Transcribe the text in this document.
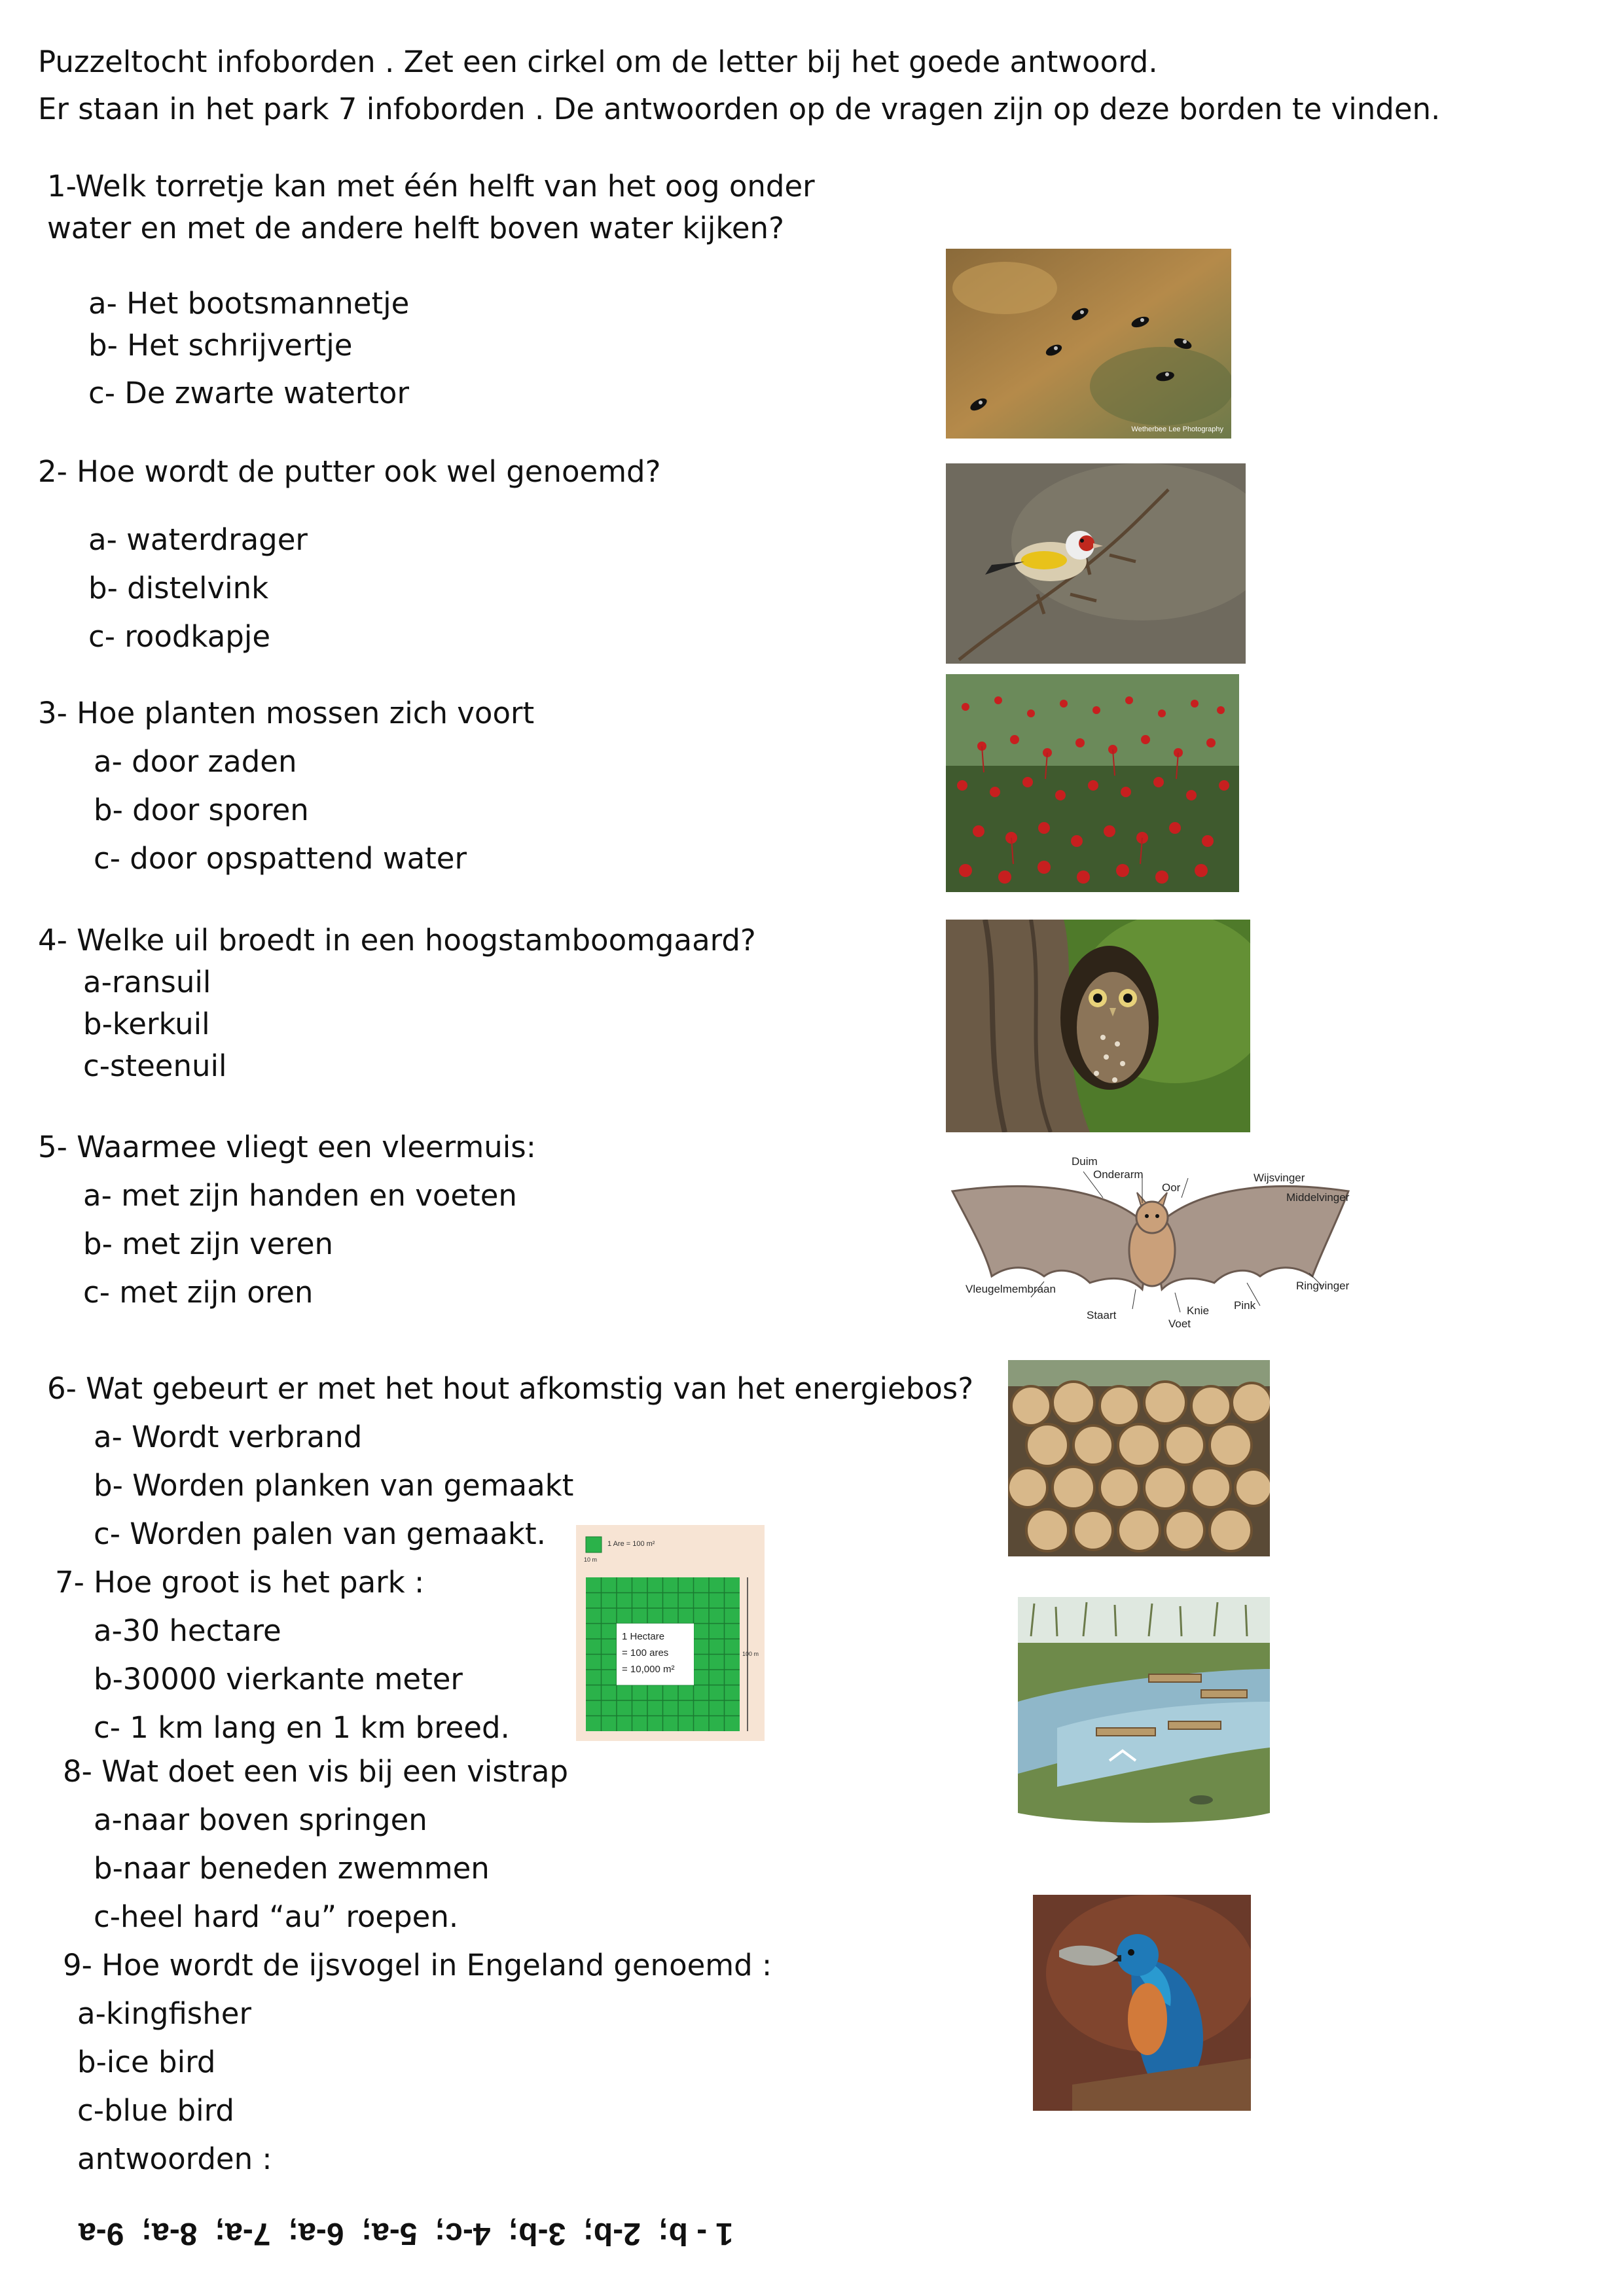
Puzzeltocht infoborden . Zet een cirkel om de letter bij het goede antwoord.
Er staan in het park 7 infoborden . De antwoorden op de vragen zijn op deze borden te vinden.
1-Welk torretje kan met één helft van het oog onder
water en met de andere helft boven water kijken?
a- Het bootsmannetje
b- Het schrijvertje
c- De zwarte watertor
2- Hoe wordt de putter ook wel genoemd?
a- waterdrager
b- distelvink
c- roodkapje
3- Hoe planten mossen zich voort
a- door zaden
b- door sporen
c- door opspattend water
4- Welke uil broedt in een hoogstamboomgaard?
a-ransuil
b-kerkuil
c-steenuil
5- Waarmee vliegt een vleermuis:
a- met zijn handen en voeten
b- met zijn veren
c- met zijn oren
6- Wat gebeurt er met het hout afkomstig van het energiebos?
a- Wordt verbrand
b- Worden planken van gemaakt
c- Worden palen van gemaakt.
7- Hoe groot is het park :
a-30 hectare
b-30000 vierkante meter
c- 1 km lang en 1 km breed.
8- Wat doet een vis bij een vistrap
a-naar boven springen
b-naar beneden zwemmen
c-heel hard “au” roepen.
9- Hoe wordt de ijsvogel in Engeland genoemd :
a-kingfisher
b-ice bird
c-blue bird
antwoorden :
1 - b;  2-b;  3-b;  4-c;  5-a;  6-a;  7-a;  8-a;  9-a
Wetherbee Lee Photography
Duim
Onderarm
Oor
Wijsvinger
Middelvinger
Ringvinger
Vleugelmembraan
Staart	Knie
Voet
Pink
1 Are = 100 m²
10 m
1 Hectare
= 100 ares
= 10,000 m²
100 m
